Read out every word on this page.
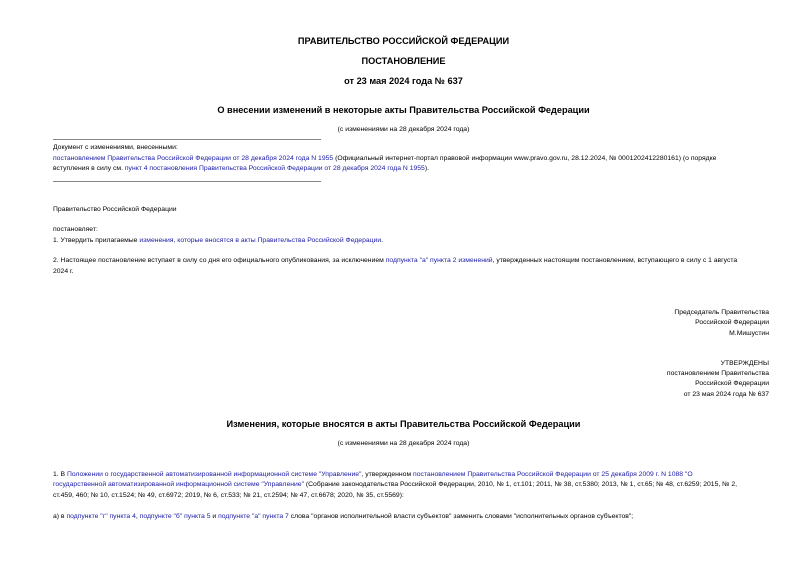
ПРАВИТЕЛЬСТВО РОССИЙСКОЙ ФЕДЕРАЦИИ
ПОСТАНОВЛЕНИЕ
от 23 мая 2024 года № 637
О внесении изменений в некоторые акты Правительства Российской Федерации
(с изменениями на 28 декабря 2024 года)
Документ с изменениями, внесенными:
постановлением Правительства Российской Федерации от 28 декабря 2024 года N 1955 (Официальный интернет-портал правовой информации www.pravo.gov.ru, 28.12.2024, № 0001202412280161) (о порядке
вступления в силу см. пункт 4 постановления Правительства Российской Федерации от 28 декабря 2024 года N 1955).
Правительство Российской Федерации
постановляет:
1. Утвердить прилагаемые изменения, которые вносятся в акты Правительства Российской Федерации.
2. Настоящее постановление вступает в силу со дня его официального опубликования, за исключением подпункта "а" пункта 2 изменений, утвержденных настоящим постановлением, вступающего в силу с 1 августа
2024 г.
Председатель Правительства
Российской Федерации
М.Мишустин
УТВЕРЖДЕНЫ
постановлением Правительства
Российской Федерации
от 23 мая 2024 года № 637
Изменения, которые вносятся в акты Правительства Российской Федерации
(с изменениями на 28 декабря 2024 года)
1. В Положении о государственной автоматизированной информационной системе "Управление", утвержденном постановлением Правительства Российской Федерации от 25 декабря 2009 г. N 1088 "О
государственной автоматизированной информационной системе "Управление" (Собрание законодательства Российской Федерации, 2010, № 1, ст.101; 2011, № 38, ст.5380; 2013, № 1, ст.65; № 48, ст.6259; 2015, № 2,
ст.459, 460; № 10, ст.1524; № 49, ст.6972; 2019, № 6, ст.533; № 21, ст.2594; № 47, ст.6678; 2020, № 35, ст.5569):
а) в подпункте "г" пункта 4, подпункте "б" пункта 5 и подпункте "а" пункта 7 слова "органов исполнительной власти субъектов" заменить словами "исполнительных органов субъектов";
